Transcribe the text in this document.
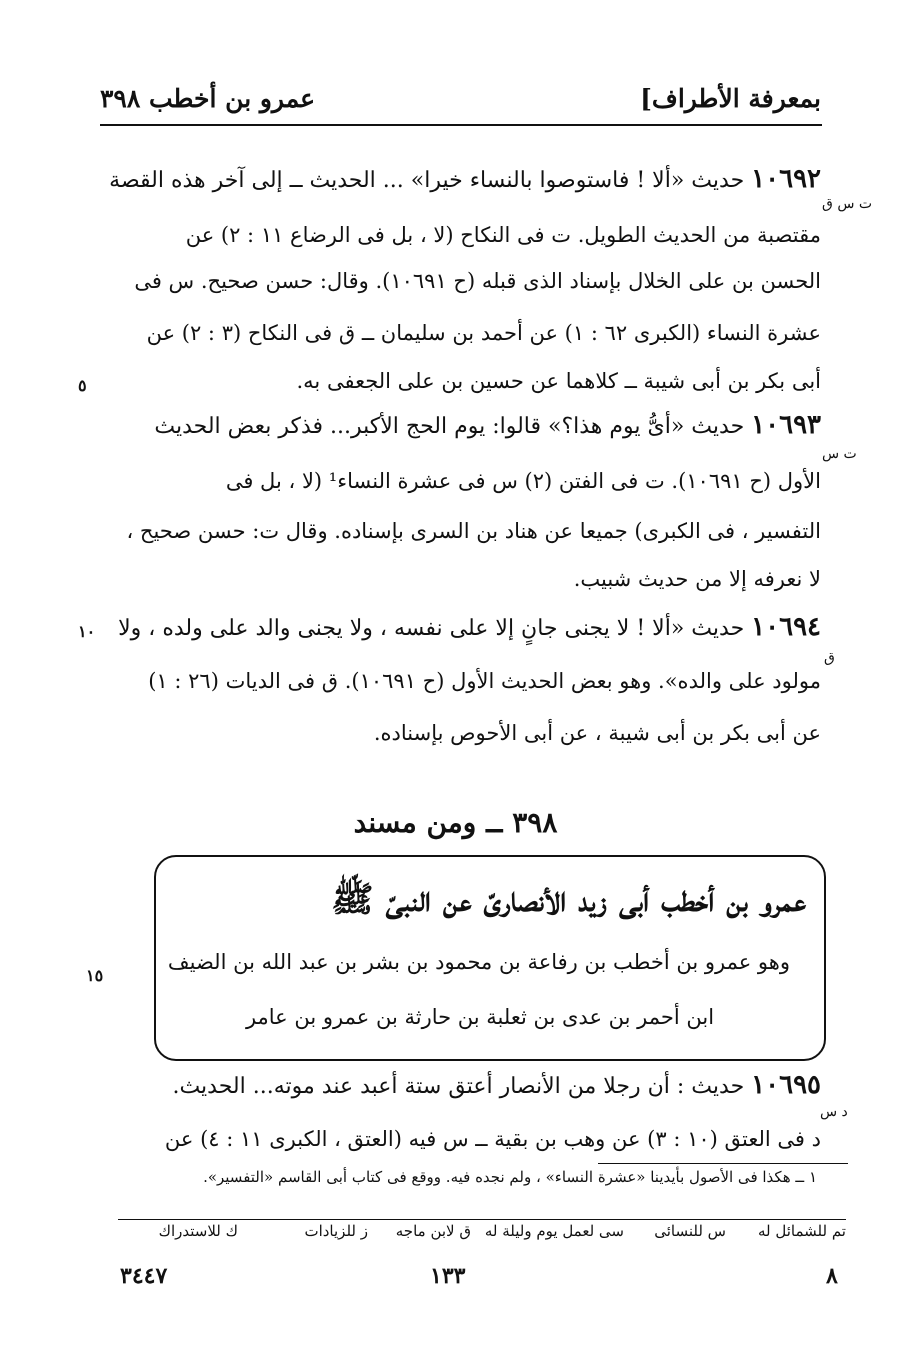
بمعرفة الأطراف]
عمرو بن أخطب ٣٩٨
١٠٦٩٢ حديث «ألا ! فاستوصوا بالنساء خيرا» ... الحديث ــ إلى آخر هذه القصة
ت س ق
مقتصبة من الحديث الطويل. ت فى النكاح (لا ، بل فى الرضاع ١١ : ٢) عن
الحسن بن على الخلال بإسناد الذى قبله (ح ١٠٦٩١). وقال: حسن صحيح. س فى
عشرة النساء (الكبرى ٦٢ : ١) عن أحمد بن سليمان ــ ق فى النكاح (٣ : ٢) عن
أبى بكر بن أبى شيبة ــ كلاهما عن حسين بن على الجعفى به.
٥
١٠٦٩٣ حديث «أىُّ يوم هذا؟» قالوا: يوم الحج الأكبر... فذكر بعض الحديث
ت س
الأول (ح ١٠٦٩١). ت فى الفتن (٢) س فى عشرة النساء¹ (لا ، بل فى
التفسير ، فى الكبرى) جميعا عن هناد بن السرى بإسناده. وقال ت: حسن صحيح ،
لا نعرفه إلا من حديث شبيب.
١٠٦٩٤ حديث «ألا ! لا يجنى جانٍ إلا على نفسه ، ولا يجنى والد على ولده ، ولا
١٠
ق
مولود على والده». وهو بعض الحديث الأول (ح ١٠٦٩١). ق فى الديات (٢٦ : ١)
عن أبى بكر بن أبى شيبة ، عن أبى الأحوص بإسناده.
٣٩٨ ــ ومن مسند
عمرو بن أخطب أبى زيد الأنصارىّ عن النبىّ ﷺ
وهو عمرو بن أخطب بن رفاعة بن محمود بن بشر بن عبد الله بن الضيف
ابن أحمر بن عدى بن ثعلبة بن حارثة بن عمرو بن عامر
١٥
١٠٦٩٥ حديث : أن رجلا من الأنصار أعتق ستة أعبد عند موته... الحديث.
د س
د فى العتق (١٠ : ٣) عن وهب بن بقية ــ س فيه (العتق ، الكبرى ١١ : ٤) عن
١ ــ هكذا فى الأصول بأيدينا «عشرة النساء» ، ولم نجده فيه. ووقع فى كتاب أبى القاسم «التفسير».
تم للشمائل له
س للنسائى
سى لعمل يوم وليلة له
ق لابن ماجه
ز للزيادات
ك للاستدراك
٨
١٣٣
٣٤٤٧
